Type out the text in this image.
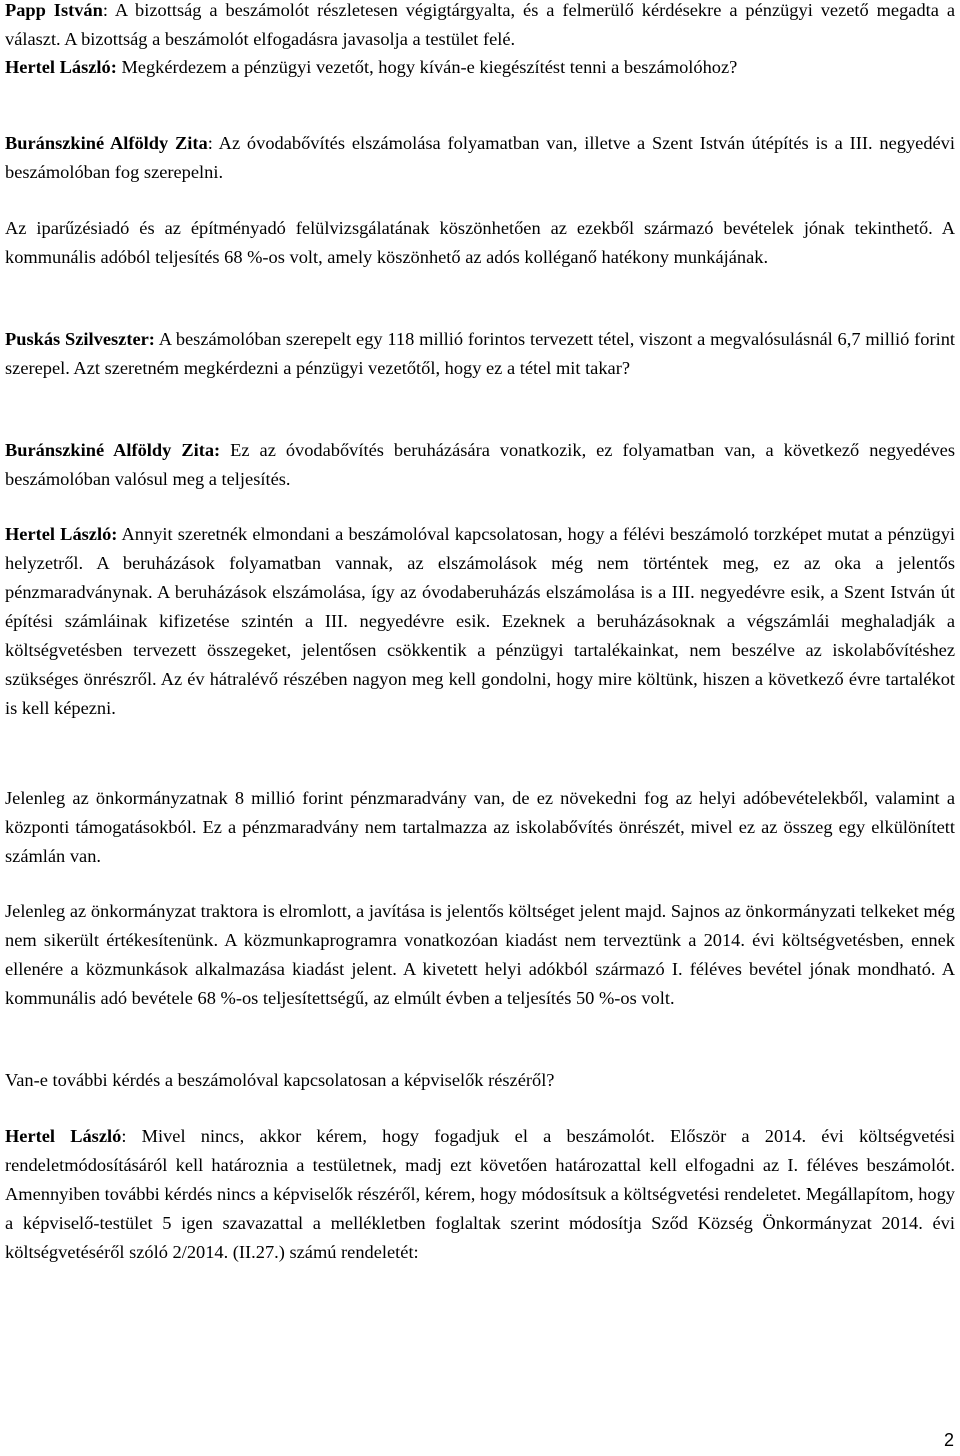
Papp István: A bizottság a beszámolót részletesen végigtárgyalta, és a felmerülő kérdésekre a pénzügyi vezető megadta a választ. A bizottság a beszámolót elfogadásra javasolja a testület felé.

Hertel László: Megkérdezem a pénzügyi vezetőt, hogy kíván-e kiegészítést tenni a beszámolóhoz?

Buránszkiné Alföldy Zita: Az óvodabővítés elszámolása folyamatban van, illetve a Szent István útépítés is a III. negyedévi beszámolóban fog szerepelni.

Az iparűzésiadó és az építményadó felülvizsgálatának köszönhetően az ezekből származó bevételek jónak tekinthető. A kommunális adóból teljesítés 68 %-os volt, amely köszönhető az adós kolléganő hatékony munkájának.

Puskás Szilveszter: A beszámolóban szerepelt egy 118 millió forintos tervezett tétel, viszont a megvalósulásnál 6,7 millió forint szerepel. Azt szeretném megkérdezni a pénzügyi vezetőtől, hogy ez a tétel mit takar?

Buránszkiné Alföldy Zita: Ez az óvodabővítés beruházására vonatkozik, ez folyamatban van, a következő negyedéves beszámolóban valósul meg a teljesítés.

Hertel László: Annyit szeretnék elmondani a beszámolóval kapcsolatosan, hogy a félévi beszámoló torzképet mutat a pénzügyi helyzetről. A beruházások folyamatban vannak, az elszámolások még nem történtek meg, ez az oka a jelentős pénzmaradványnak. A beruházások elszámolása, így az óvodaberuházás elszámolása is a III. negyedévre esik, a Szent István út építési számláinak kifizetése szintén a III. negyedévre esik. Ezeknek a beruházásoknak a végszámlái meghaladják a költségvetésben tervezett összegeket, jelentősen csökkentik a pénzügyi tartalékainkat, nem beszélve az iskolabővítéshez szükséges önrészről. Az év hátralévő részében nagyon meg kell gondolni, hogy mire költünk, hiszen a következő évre tartalékot is kell képezni.

Jelenleg az önkormányzatnak 8 millió forint pénzmaradvány van, de ez növekedni fog az helyi adóbevételekből, valamint a központi támogatásokból. Ez a pénzmaradvány nem tartalmazza az iskolabővítés önrészét, mivel ez az összeg egy elkülönített számlán van.

Jelenleg az önkormányzat traktora is elromlott, a javítása is jelentős költséget jelent majd. Sajnos az önkormányzati telkeket még nem sikerült értékesítenünk. A közmunkaprogramra vonatkozóan kiadást nem terveztünk a 2014. évi költségvetésben, ennek ellenére a közmunkások alkalmazása kiadást jelent. A kivetett helyi adókból származó I. féléves bevétel jónak mondható. A kommunális adó bevétele 68 %-os teljesítettségű, az elmúlt évben a teljesítés 50 %-os volt.

Van-e további kérdés a beszámolóval kapcsolatosan a képviselők részéről?

Hertel László: Mivel nincs, akkor kérem, hogy fogadjuk el a beszámolót. Először a 2014. évi költségvetési rendeletmódosításáról kell határoznia a testületnek, madj ezt követően határozattal kell elfogadni az I. féléves beszámolót. Amennyiben további kérdés nincs a képviselők részéről, kérem, hogy módosítsuk a költségvetési rendeletet. Megállapítom, hogy a képviselő-testület 5 igen szavazattal a mellékletben foglaltak szerint módosítja Sződ Község Önkormányzat 2014. évi költségvetéséről szóló 2/2014. (II.27.) számú rendeletét:

2
